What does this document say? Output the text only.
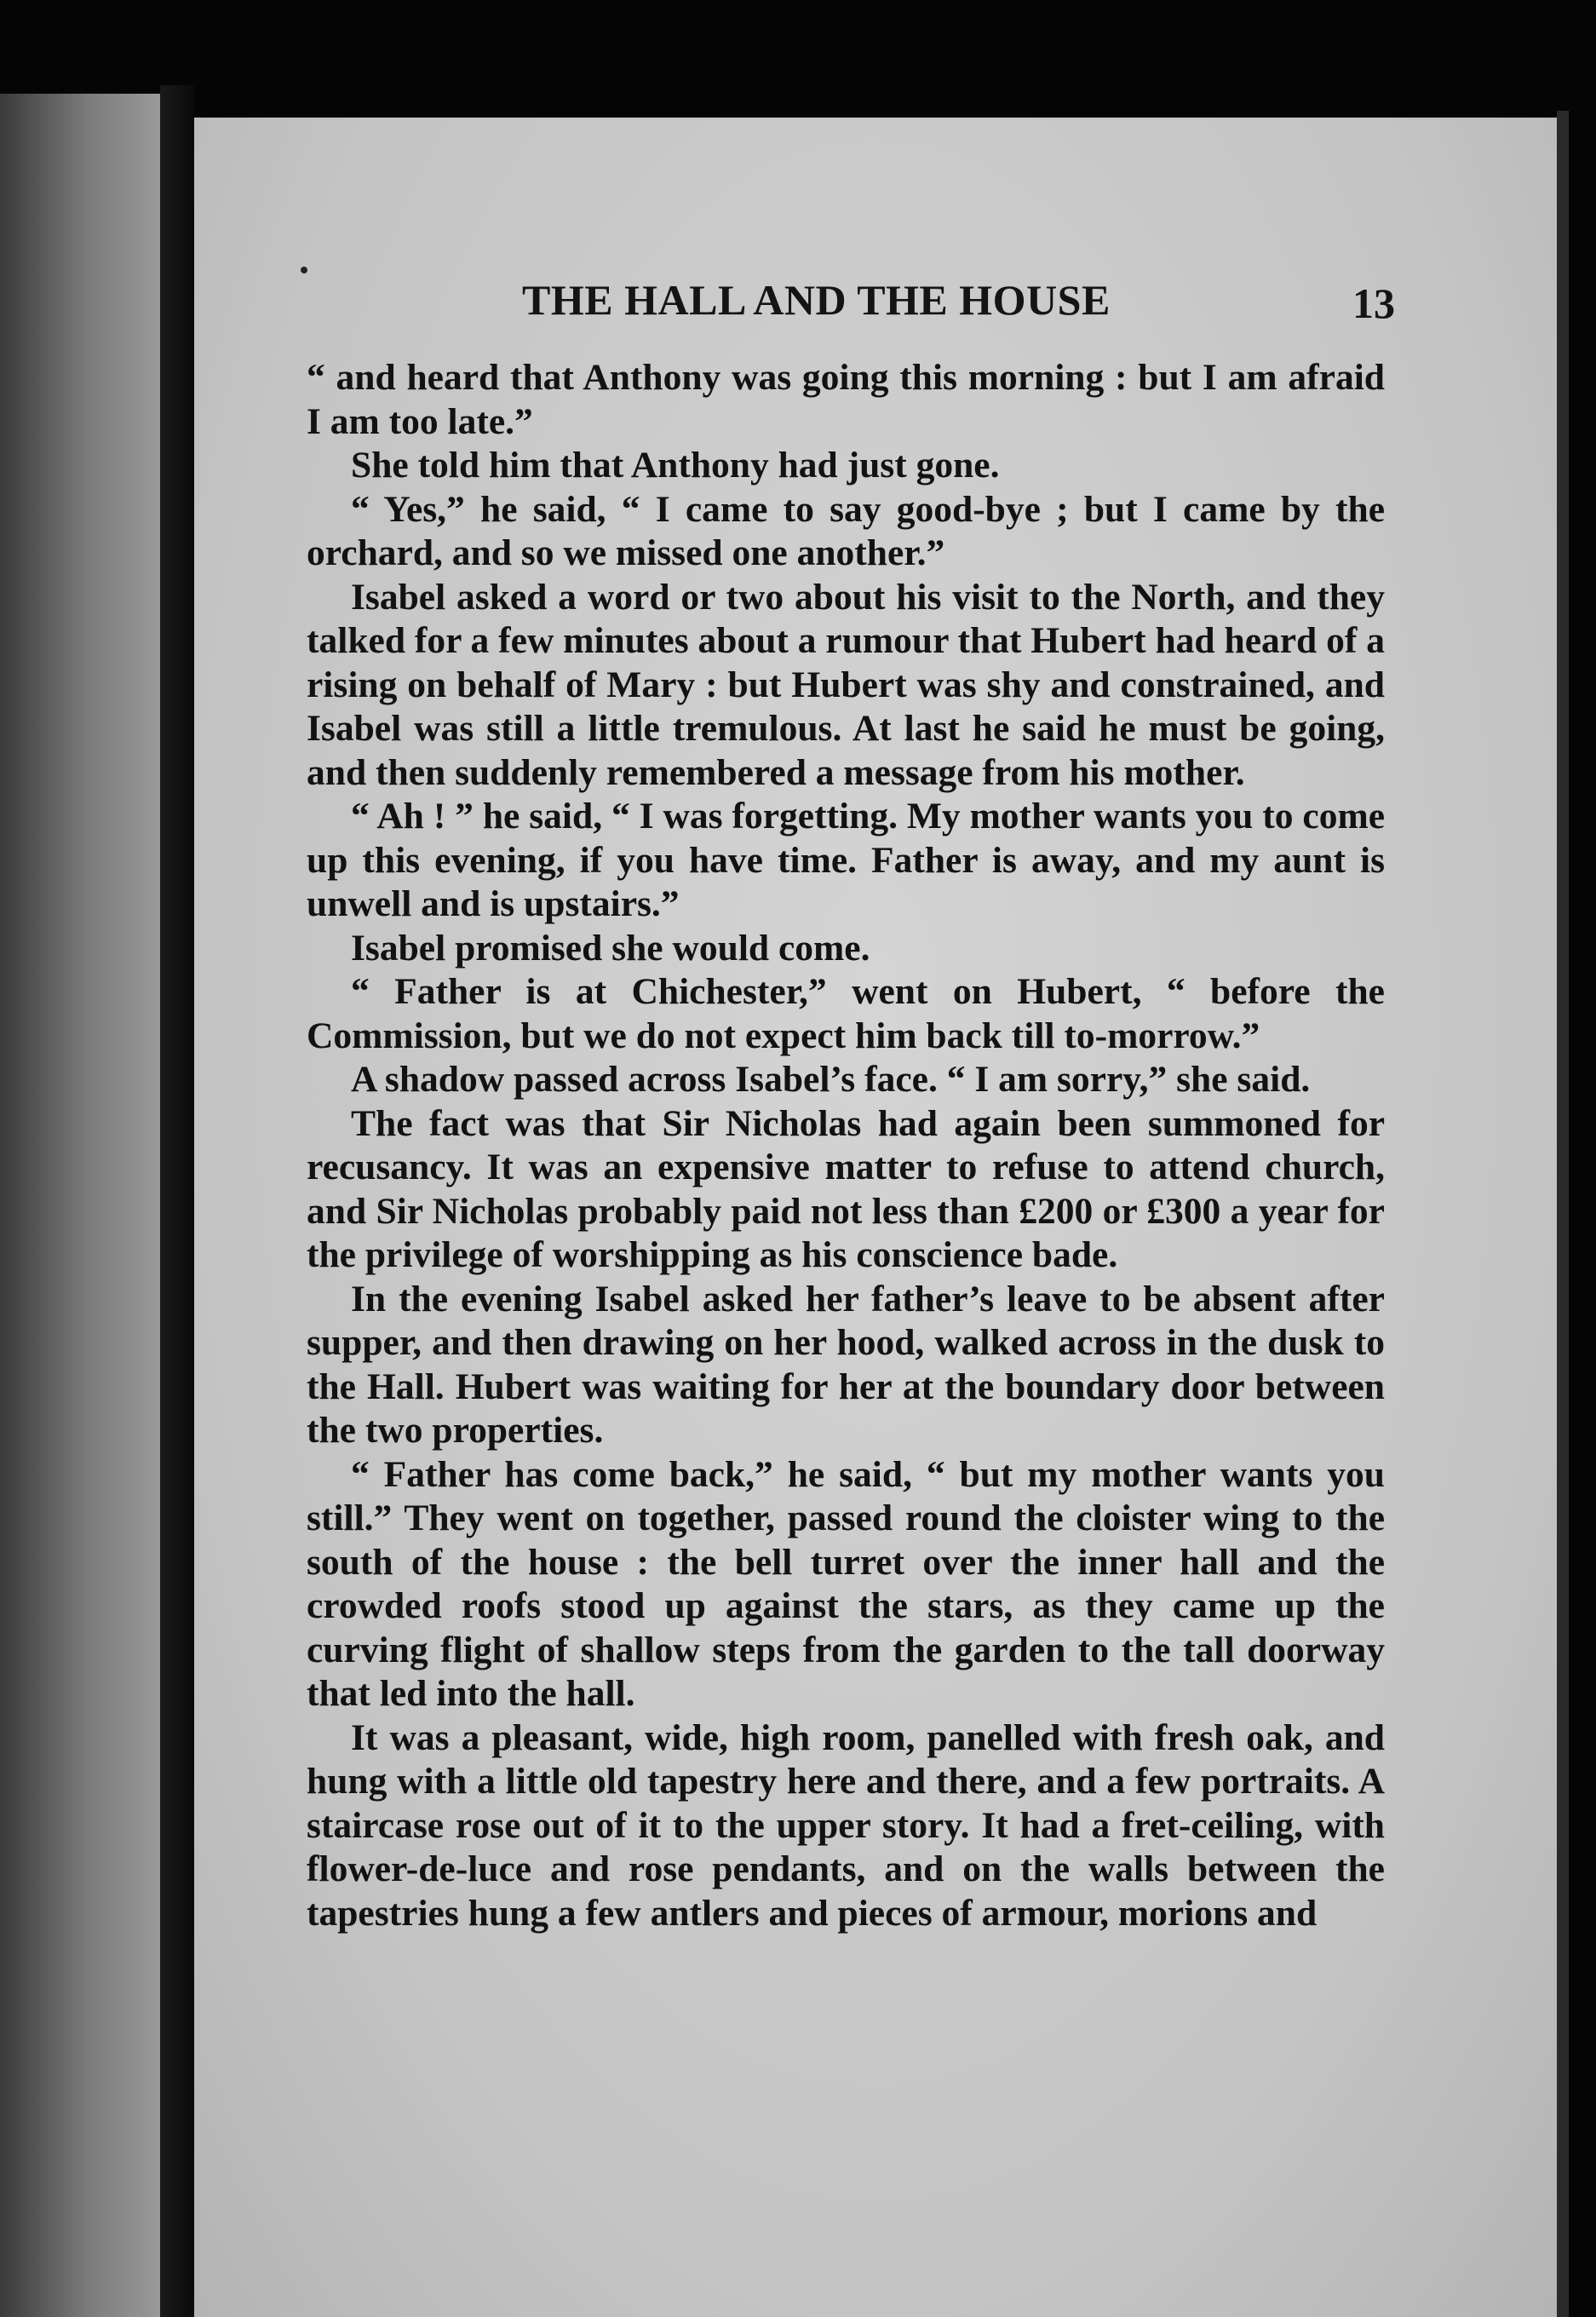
THE HALL AND THE HOUSE	13

“ and heard that Anthony was going this morning : but I am afraid I am too late.”

She told him that Anthony had just gone.

“ Yes,” he said, “ I came to say good-bye ; but I came by the orchard, and so we missed one another.”

Isabel asked a word or two about his visit to the North, and they talked for a few minutes about a rumour that Hubert had heard of a rising on behalf of Mary : but Hubert was shy and constrained, and Isabel was still a little tremulous. At last he said he must be going, and then suddenly remembered a message from his mother.

“ Ah ! ” he said, “ I was forgetting. My mother wants you to come up this evening, if you have time. Father is away, and my aunt is unwell and is upstairs.”

Isabel promised she would come.

“ Father is at Chichester,” went on Hubert, “ before the Commission, but we do not expect him back till to-morrow.”

A shadow passed across Isabel’s face. “ I am sorry,” she said.

The fact was that Sir Nicholas had again been summoned for recusancy. It was an expensive matter to refuse to attend church, and Sir Nicholas probably paid not less than £200 or £300 a year for the privilege of worshipping as his conscience bade.

In the evening Isabel asked her father’s leave to be absent after supper, and then drawing on her hood, walked across in the dusk to the Hall. Hubert was waiting for her at the boundary door between the two properties.

“ Father has come back,” he said, “ but my mother wants you still.” They went on together, passed round the cloister wing to the south of the house : the bell turret over the inner hall and the crowded roofs stood up against the stars, as they came up the curving flight of shallow steps from the garden to the tall doorway that led into the hall.

It was a pleasant, wide, high room, panelled with fresh oak, and hung with a little old tapestry here and there, and a few portraits. A staircase rose out of it to the upper story. It had a fret-ceiling, with flower-de-luce and rose pendants, and on the walls between the tapestries hung a few antlers and pieces of armour, morions and
